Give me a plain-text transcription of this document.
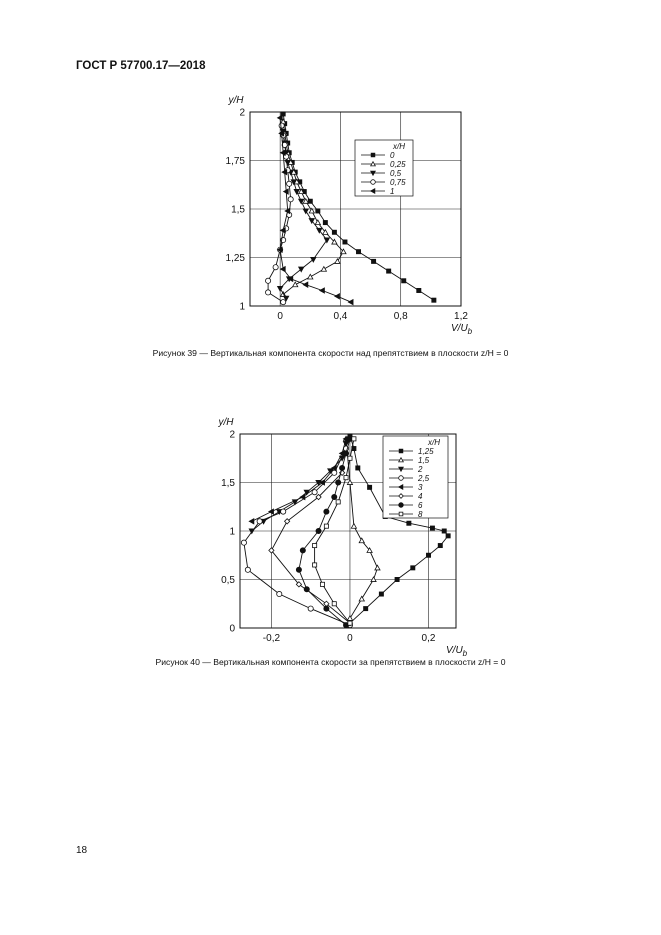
ГОСТ Р 57700.17—2018
0	0,4	0,8	1,2
1
1,25
1,5
1,75
2
y/H
$V/U_b$
x/H
0
0,25
0,5
0,75
1
-0,2	0	0,2
0
0,5
1
1,5
2
y/H
$V/U_b$
x/H
1,25
1,5
2
2,5
3
4
6
8
Рисунок 39 — Вертикальная компонента скорости над препятствием в плоскости z/H = 0
Рисунок 40 — Вертикальная компонента скорости за препятствием в плоскости z/H = 0
18
